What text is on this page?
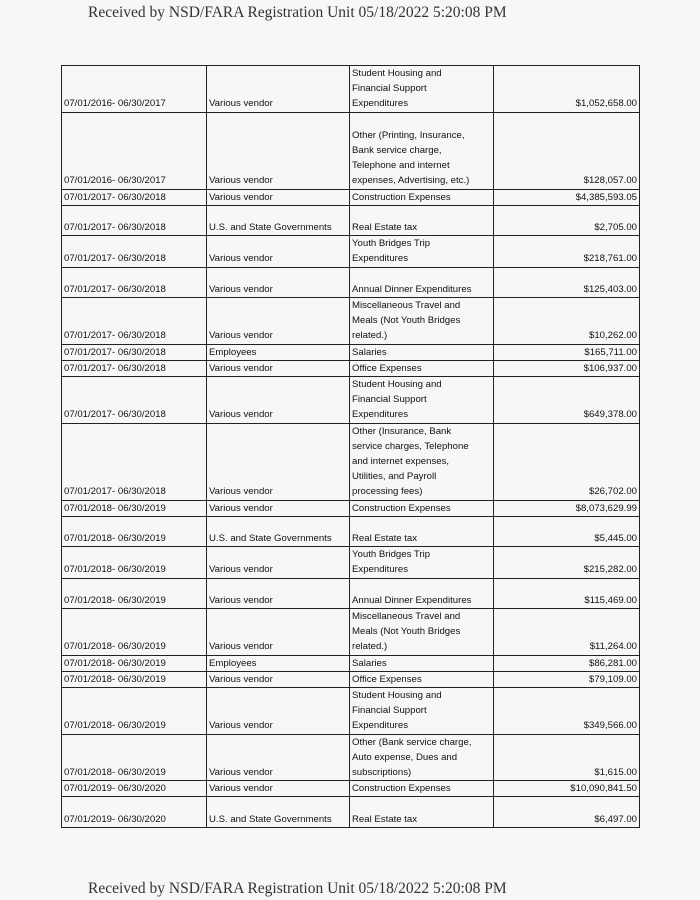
Received by NSD/FARA Registration Unit 05/18/2022 5:20:08 PM
07/01/2016- 06/30/2017	Various vendor	Student Housing and
Financial Support
Expenditures	$1,052,658.00
07/01/2016- 06/30/2017	Various vendor	Other (Printing, Insurance,
Bank service charge,
Telephone and internet
expenses, Advertising, etc.)	$128,057.00
07/01/2017- 06/30/2018	Various vendor	Construction Expenses	$4,385,593.05
07/01/2017- 06/30/2018	U.S. and State Governments	Real Estate tax	$2,705.00
07/01/2017- 06/30/2018	Various vendor	Youth Bridges Trip
Expenditures	$218,761.00
07/01/2017- 06/30/2018	Various vendor	Annual Dinner Expenditures	$125,403.00
07/01/2017- 06/30/2018	Various vendor	Miscellaneous Travel and
Meals (Not Youth Bridges
related.)	$10,262.00
07/01/2017- 06/30/2018	Employees	Salaries	$165,711.00
07/01/2017- 06/30/2018	Various vendor	Office Expenses	$106,937.00
07/01/2017- 06/30/2018	Various vendor	Student Housing and
Financial Support
Expenditures	$649,378.00
07/01/2017- 06/30/2018	Various vendor	Other (Insurance, Bank
service charges, Telephone
and internet expenses,
Utilities, and Payroll
processing fees)	$26,702.00
07/01/2018- 06/30/2019	Various vendor	Construction Expenses	$8,073,629.99
07/01/2018- 06/30/2019	U.S. and State Governments	Real Estate tax	$5,445.00
07/01/2018- 06/30/2019	Various vendor	Youth Bridges Trip
Expenditures	$215,282.00
07/01/2018- 06/30/2019	Various vendor	Annual Dinner Expenditures	$115,469.00
07/01/2018- 06/30/2019	Various vendor	Miscellaneous Travel and
Meals (Not Youth Bridges
related.)	$11,264.00
07/01/2018- 06/30/2019	Employees	Salaries	$86,281.00
07/01/2018- 06/30/2019	Various vendor	Office Expenses	$79,109.00
07/01/2018- 06/30/2019	Various vendor	Student Housing and
Financial Support
Expenditures	$349,566.00
07/01/2018- 06/30/2019	Various vendor	Other (Bank service charge,
Auto expense, Dues and
subscriptions)	$1,615.00
07/01/2019- 06/30/2020	Various vendor	Construction Expenses	$10,090,841.50
07/01/2019- 06/30/2020	U.S. and State Governments	Real Estate tax	$6,497.00
Received by NSD/FARA Registration Unit 05/18/2022 5:20:08 PM
